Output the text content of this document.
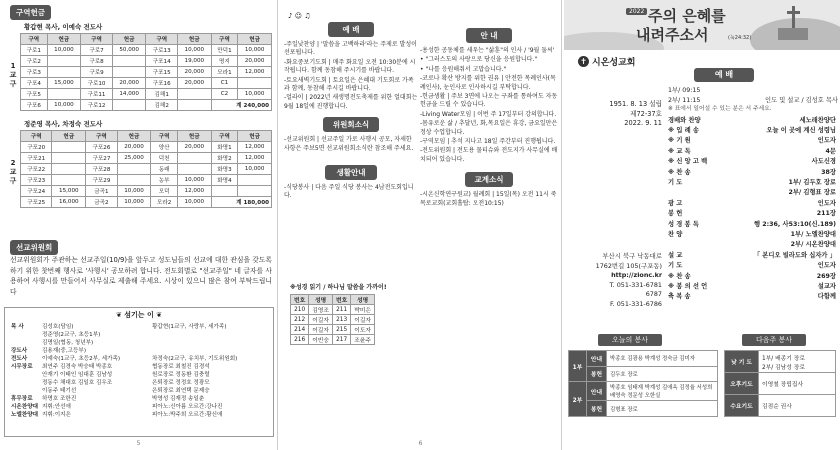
구역헌금
황갑현 목사, 이예숙 전도사
1
교
구
구역	헌금	구역	헌금	구역	헌금	구역	헌금
구로1	10,000	구로7	50,000	구로13	10,000	만덕1	10,000
구로2		구로8		구포14	19,000	명지	20,000
구로3		구로9		구포15	20,000	모라1	12,000
구포4	15,000	구로10	20,000	구포16	20,000	C1	
구포5		구로11	14,000	김해1		C2	10,000
구포6	10,000	구로12		김해2		계 240,000	
정준영 목사, 차정숙 전도사
2
교
구
구역	헌금	구역	헌금	구역	헌금	구역	헌금
구포20		구포26	20,000	양산	20,000	화명1	12,000
구포21		구포27	25,000	덕천		화명2	12,000
구포22		구포28		동래		화명3	10,000
구포23		구포29		농부	10,000	화명4	
구포24	15,000	금곡1	10,000	모덕	12,000		
구포25	16,000	금곡2	10,000	모라2	10,000	계 180,000	
선교위원회
선교위원회가 주관하는 선교주일(10/9)을 앞두고 성도님들의 선교에 대한 관심을 갖도록 하기 위한 찻번째 행사로 '사행시' 공모하려 합니다. 전도회별로 "선교주일" 네 글자를 사용하여 사행시를 만들어서 사무실로 제출해 주세요. 시상이 있으니 많은 참여 부탁드립니다
❦ 섬기는 이 ❦
목 사	김성호(담임)	황갑현(1교구, 사랑부, 세가족)
	정준영(2교구, 초등1부)	
	김명일(협동, 청년부)	
강도사	김용재(중,고등부)	
전도사	이예숙(1교구, 초등2부, 세가족)	차정숙(2교구, 유치부, 기도위원회)
시무장로	최연주 김경숙 박승태 박종호	협동장로 최철진 김경석
	안재기 이태인 임대훈 김남성	원로장로 정동환 김충렬
	정동수 채대호 김일호 김우조	은퇴장로 정정호 정광모
	이동주 태기선	은퇴장로 최연택 문제승
휴무장로	하명호 조한진	박영성 김재정 송일춘
시온찬양대	지휘:안선애	피아노:신아름 오르간:강나진
노엘찬양대	지휘:이지은	피아노:박주희 오르간:황신애
5
♪ ☺ ♫
예 배
-주일낮찬양 | '말씀을 고백하라'라는 주제로 발성이 선포됩니다.
-화요중보기도회 | 매주 화요일 오전 10:30분에 시작됩니다. 함께 동참해 주시기를 바랍니다.
-토요새벽기도회 | 토요일은 은혜대 기도회로 가족과 함께, 동참해 주시길 바랍니다.
-얼라이 | 2022년 새생명전도축제를 위한 얼대회는 9월 18일에 진행합니다.
위원회소식
-선교위원회 | 선교주일 가로 사행시 공모, 자세한 사항은 주보5면 선교위원회소식란 참조해 주세요.
생활안내
-식당봉사 | 다음 주일 식당 봉사는 4남전도회입니다.
안 내
-용성한 공동체를 세우는 "삶훈"의 인사 / '9월 둘씨'
• "그러스도의 사랑으로 당신을 응원합니다."
• "나를 응원해줘서 고맙습니다."
-코로나 확산 방지를 위한 권유 | 안전한 목례인사(목례인사), 눈인사로 인사하시길 부탁합니다.
-헌금생활 | 주보 3면에 나오는 구좌를 통하여도 자동헌금을 드릴 수 있습니다.
-Living Water모임 | 이번 주 17일부터 강의합니다.
-몸유로운 삶 / 추달년, 화,목요일은 휴강, 금요일만은 정상 수업합니다.
-구역모임 | 추석 지나고 18일 주간부터 진행됩니다.
-전도위원회 | 전도용 물티슈와 전도지가 사무실에 배치되어 있습니다.
교계소식
-시온신학연구원교) 월례회 | 15일(목) 오전 11시 죽목로교회(교회홀탑: 오전10:15)
※성경 읽기 / 하나님 말씀을 가까이!
번호	성명	번호	성명
210	김영조	211	박미은
212	이길자	213	이길자
214	이길자	215	이도자
216	이빈숭	217	조윤주
6
2022 주의 은혜를
내려주소서	(눅24:32)
✝ 시온성교회
1951. 8. 13 설립
제72-37호
2022. 9. 11
부산시 북구 낙동대로
1762번길 105(구포동)
http://zionc.kr
T. 051-331-6781
6787
F. 051-331-6786
예 배
1부/ 09:15
2부/ 11:15	인도 및 설교 / 김성호 목사
※ 표에서 일어설 수 있는 분은 서 주세요.
경배와 찬양	세노래찬양단
※ 입 례 송	오늘 이 곳에 계신 성령님
※ 기 원	인도자
※ 교 독	4문
※ 신 앙 고 백	사도신경
※ 찬 송	38장
기 도	1부/ 김두호 장로
	2부/ 김형표 장로
광 고	인도자
봉 헌	211장
성 경 봉 독	행 2:36, 사53:10(신.189)
찬 양	1부/ 노엘찬양대
	2부/ 시온찬양대
설 교	「 본디오 빌라도와 십자가 」
기 도	인도자
※ 찬 송	269장
※ 봉 의 선 언	설교자
축 복 송	다함께
오늘의 봉사	다음주 봉사
1부	안내	박종호 김광용 박계성 정숙금 김미자
	봉헌	김두호 장로
2부	안내	박종호 임태재 박계성 김애옥 김정율 서성희 배영숙 정문성 오한실
	봉헌	김형표 장로
낮 기 도	1부/ 배종기 장로
2부/ 김남성 장로

오후기도	이영철 장립집사

수요기도	김점순 권사
